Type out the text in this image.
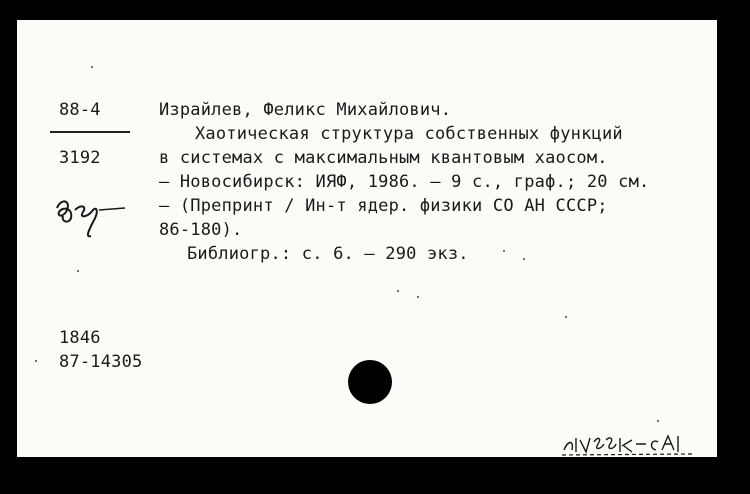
88-4
3192
Израйлев, Феликс Михайлович.
Хаотическая структура собственных функций
в системах с максимальным квантовым хаосом.
– Новосибирск: ИЯФ, 1986. – 9 с., граф.; 20 см.
– (Препринт / Ин-т ядер. физики СО АН СССР;
86-180).
Библиогр.: с. 6. – 290 экз.
1846
87-14305
